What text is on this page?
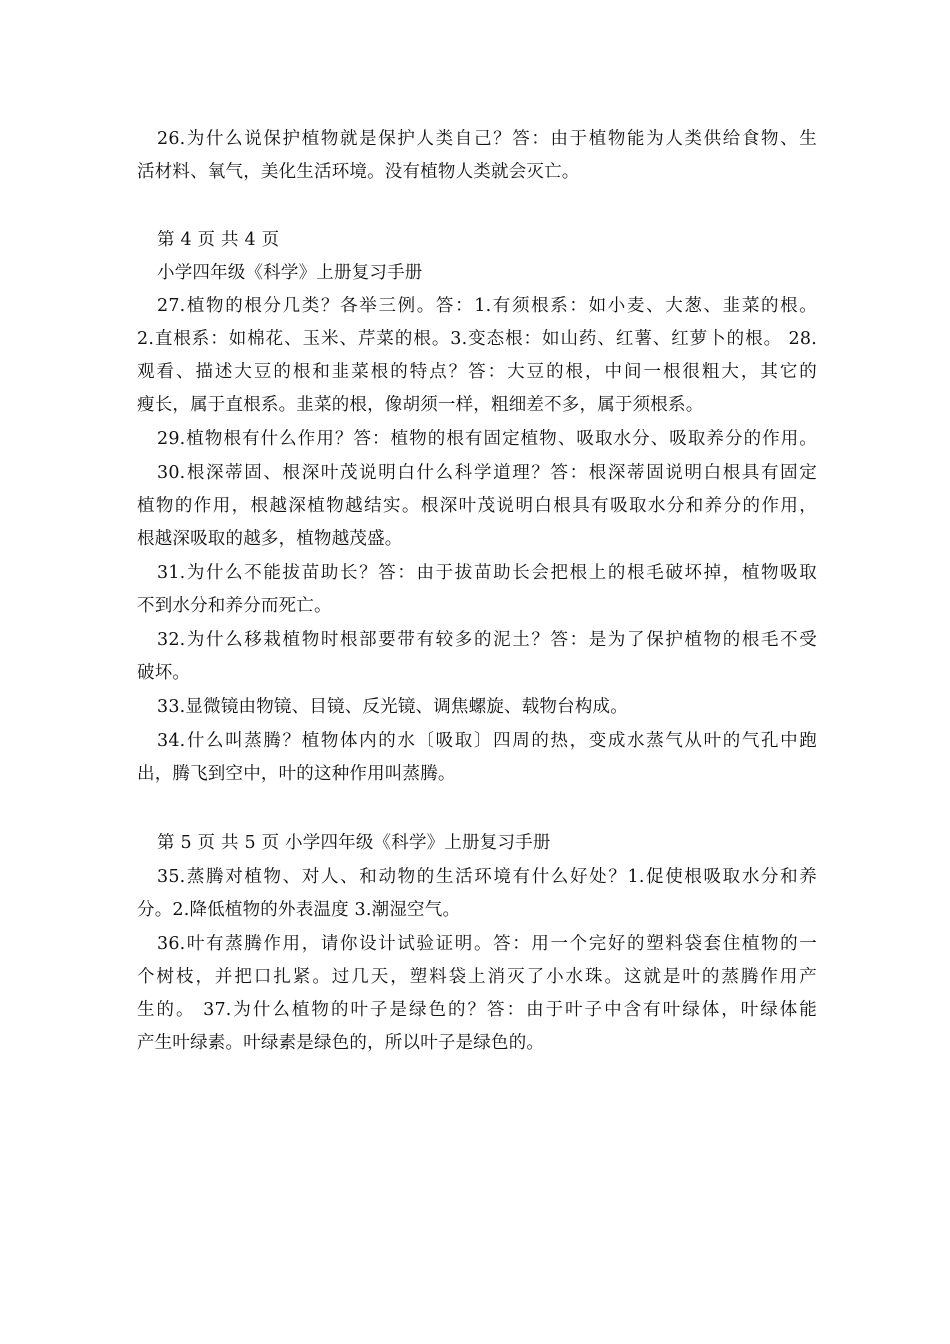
26.为什么说保护植物就是保护人类自己？答：由于植物能为人类供给食物、生
活材料、氧气，美化生活环境。没有植物人类就会灭亡。
第 4 页 共 4 页
小学四年级《科学》上册复习手册
27.植物的根分几类？各举三例。答：1.有须根系：如小麦、大葱、韭菜的根。
2.直根系：如棉花、玉米、芹菜的根。3.变态根：如山药、红薯、红萝卜的根。 28.
观看、描述大豆的根和韭菜根的特点？答：大豆的根，中间一根很粗大，其它的
瘦长，属于直根系。韭菜的根，像胡须一样，粗细差不多，属于须根系。
29.植物根有什么作用？答：植物的根有固定植物、吸取水分、吸取养分的作用。
30.根深蒂固、根深叶茂说明白什么科学道理？答：根深蒂固说明白根具有固定
植物的作用，根越深植物越结实。根深叶茂说明白根具有吸取水分和养分的作用，
根越深吸取的越多，植物越茂盛。
31.为什么不能拔苗助长？答：由于拔苗助长会把根上的根毛破坏掉，植物吸取
不到水分和养分而死亡。
32.为什么移栽植物时根部要带有较多的泥土？答：是为了保护植物的根毛不受
破坏。
33.显微镜由物镜、目镜、反光镜、调焦螺旋、载物台构成。
34.什么叫蒸腾？植物体内的水〔吸取〕四周的热，变成水蒸气从叶的气孔中跑
出，腾飞到空中，叶的这种作用叫蒸腾。
第 5 页 共 5 页 小学四年级《科学》上册复习手册
35.蒸腾对植物、对人、和动物的生活环境有什么好处？1.促使根吸取水分和养
分。2.降低植物的外表温度 3.潮湿空气。
36.叶有蒸腾作用，请你设计试验证明。答：用一个完好的塑料袋套住植物的一
个树枝，并把口扎紧。过几天，塑料袋上消灭了小水珠。这就是叶的蒸腾作用产
生的。 37.为什么植物的叶子是绿色的？答：由于叶子中含有叶绿体，叶绿体能
产生叶绿素。叶绿素是绿色的，所以叶子是绿色的。
